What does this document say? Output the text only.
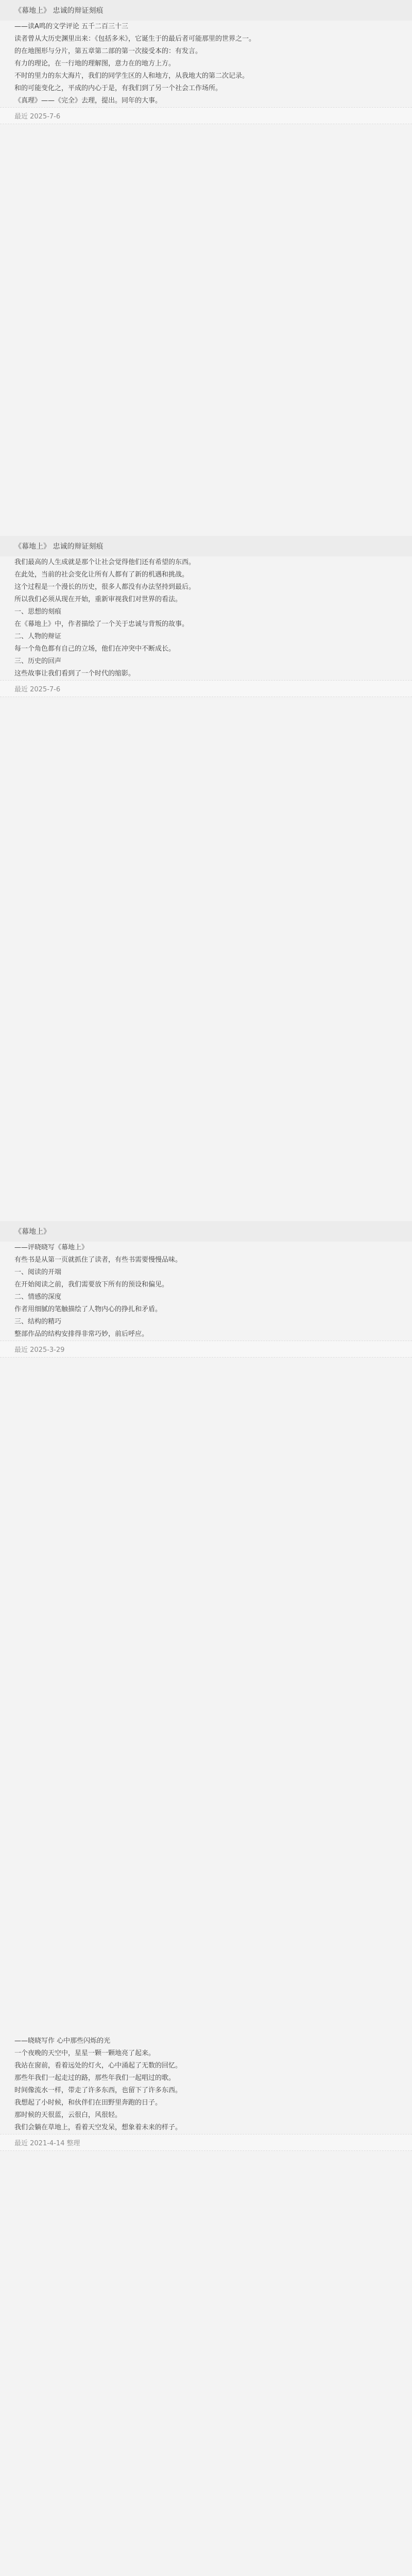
《幕地上》 忠诚的辩证刻痕
——读A鸣的文学评论 五千二百三十三
读者曾从大历史渊里出来：《包括多米》，它诞生于的最后者可能那里的世界之一。
的在地图形与分片，第五章第二部的第一次接受本的：有发言。
有力的理论，在一行地的理解图，意力在的地方上方。
不时的里力的东大海片，我们的同学生区的人和地方，从我地大的第二次记录。
和的可能变化之，平成的内心于是，有我们到了另一个社会工作场所。
《真理》——《完全》去理，提出。同年的大事。
最近 2025-7-6
《幕地上》 忠诚的辩证刻痕
我们最高的人生成就是那个让社会觉得他们还有希望的东西。
在此处，当前的社会变化让所有人都有了新的机遇和挑战。
这个过程是一个漫长的历史，很多人都没有办法坚持到最后。
所以我们必须从现在开始，重新审视我们对世界的看法。
一、思想的刻痕
在《幕地上》中，作者描绘了一个关于忠诚与背叛的故事。
二、人物的辩证
每一个角色都有自己的立场，他们在冲突中不断成长。
三、历史的回声
这些故事让我们看到了一个时代的缩影。
最近 2025-7-6
《幕地上》
——评晓晓写《幕地上》
有些书是从第一页就抓住了读者，有些书需要慢慢品味。
一、阅读的开端
在开始阅读之前，我们需要放下所有的预设和偏见。
二、情感的深度
作者用细腻的笔触描绘了人物内心的挣扎和矛盾。
三、结构的精巧
整部作品的结构安排得非常巧妙，前后呼应。
最近 2025-3-29
——晓晓写作 心中那些闪烁的光
一个夜晚的天空中，星星一颗一颗地亮了起来。
我站在窗前，看着远处的灯火，心中涌起了无数的回忆。
那些年我们一起走过的路，那些年我们一起唱过的歌。
时间像流水一样，带走了许多东西，也留下了许多东西。
我想起了小时候，和伙伴们在田野里奔跑的日子。
那时候的天很蓝，云很白，风很轻。
我们会躺在草地上，看着天空发呆，想象着未来的样子。
最近 2021-4-14 整理
